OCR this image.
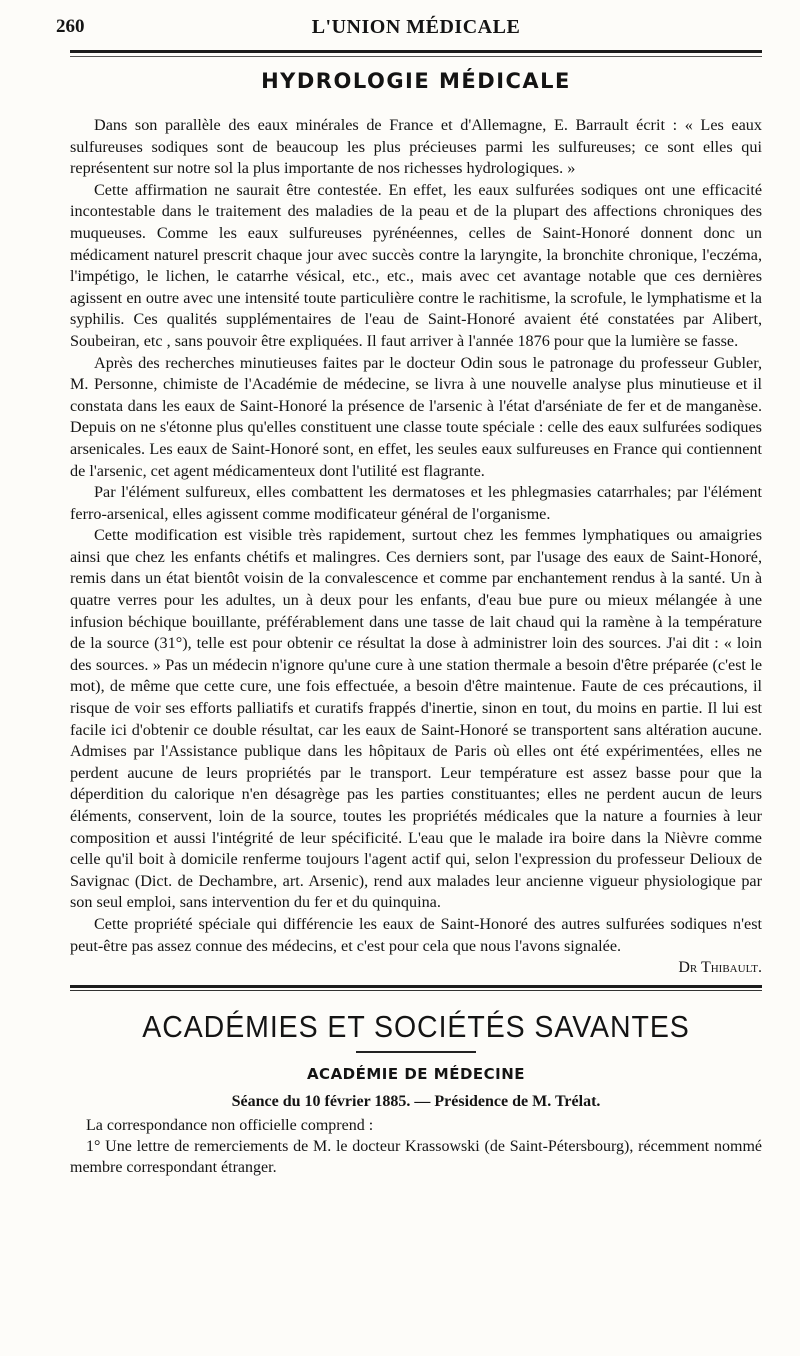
260	L'UNION MÉDICALE
HYDROLOGIE MÉDICALE

Dans son parallèle des eaux minérales de France et d'Allemagne, E. Barrault écrit : « Les eaux sulfureuses sodiques sont de beaucoup les plus précieuses parmi les sulfureuses; ce sont elles qui représentent sur notre sol la plus importante de nos richesses hydrologiques. »

Cette affirmation ne saurait être contestée. En effet, les eaux sulfurées sodiques ont une efficacité incontestable dans le traitement des maladies de la peau et de la plupart des affections chroniques des muqueuses. Comme les eaux sulfureuses pyrénéennes, celles de Saint-Honoré donnent donc un médicament naturel prescrit chaque jour avec succès contre la laryngite, la bronchite chronique, l'eczéma, l'impétigo, le lichen, le catarrhe vésical, etc., etc., mais avec cet avantage notable que ces dernières agissent en outre avec une intensité toute particulière contre le rachitisme, la scrofule, le lymphatisme et la syphilis. Ces qualités supplémentaires de l'eau de Saint-Honoré avaient été constatées par Alibert, Soubeiran, etc , sans pouvoir être expliquées. Il faut arriver à l'année 1876 pour que la lumière se fasse.

Après des recherches minutieuses faites par le docteur Odin sous le patronage du professeur Gubler, M. Personne, chimiste de l'Académie de médecine, se livra à une nouvelle analyse plus minutieuse et il constata dans les eaux de Saint-Honoré la présence de l'arsenic à l'état d'arséniate de fer et de manganèse. Depuis on ne s'étonne plus qu'elles constituent une classe toute spéciale : celle des eaux sulfurées sodiques arsenicales. Les eaux de Saint-Honoré sont, en effet, les seules eaux sulfureuses en France qui contiennent de l'arsenic, cet agent médicamenteux dont l'utilité est flagrante.

Par l'élément sulfureux, elles combattent les dermatoses et les phlegmasies catarrhales; par l'élément ferro-arsenical, elles agissent comme modificateur général de l'organisme.

Cette modification est visible très rapidement, surtout chez les femmes lymphatiques ou amaigries ainsi que chez les enfants chétifs et malingres. Ces derniers sont, par l'usage des eaux de Saint-Honoré, remis dans un état bientôt voisin de la convalescence et comme par enchantement rendus à la santé. Un à quatre verres pour les adultes, un à deux pour les enfants, d'eau bue pure ou mieux mélangée à une infusion béchique bouillante, préférablement dans une tasse de lait chaud qui la ramène à la température de la source (31°), telle est pour obtenir ce résultat la dose à administrer loin des sources. J'ai dit : « loin des sources. » Pas un médecin n'ignore qu'une cure à une station thermale a besoin d'être préparée (c'est le mot), de même que cette cure, une fois effectuée, a besoin d'être maintenue. Faute de ces précautions, il risque de voir ses efforts palliatifs et curatifs frappés d'inertie, sinon en tout, du moins en partie. Il lui est facile ici d'obtenir ce double résultat, car les eaux de Saint-Honoré se transportent sans altération aucune. Admises par l'Assistance publique dans les hôpitaux de Paris où elles ont été expérimentées, elles ne perdent aucune de leurs propriétés par le transport. Leur température est assez basse pour que la déperdition du calorique n'en désagrège pas les parties constituantes; elles ne perdent aucun de leurs éléments, conservent, loin de la source, toutes les propriétés médicales que la nature a fournies à leur composition et aussi l'intégrité de leur spécificité. L'eau que le malade ira boire dans la Nièvre comme celle qu'il boit à domicile renferme toujours l'agent actif qui, selon l'expression du professeur Delioux de Savignac (Dict. de Dechambre, art. Arsenic), rend aux malades leur ancienne vigueur physiologique par son seul emploi, sans intervention du fer et du quinquina.

Cette propriété spéciale qui différencie les eaux de Saint-Honoré des autres sulfurées sodiques n'est peut-être pas assez connue des médecins, et c'est pour cela que nous l'avons signalée.

Dr Thibault.
ACADÉMIES ET SOCIÉTÉS SAVANTES
ACADÉMIE DE MÉDECINE
Séance du 10 février 1885. — Présidence de M. Trélat.

La correspondance non officielle comprend :

1° Une lettre de remerciements de M. le docteur Krassowski (de Saint-Pétersbourg), récemment nommé membre correspondant étranger.
